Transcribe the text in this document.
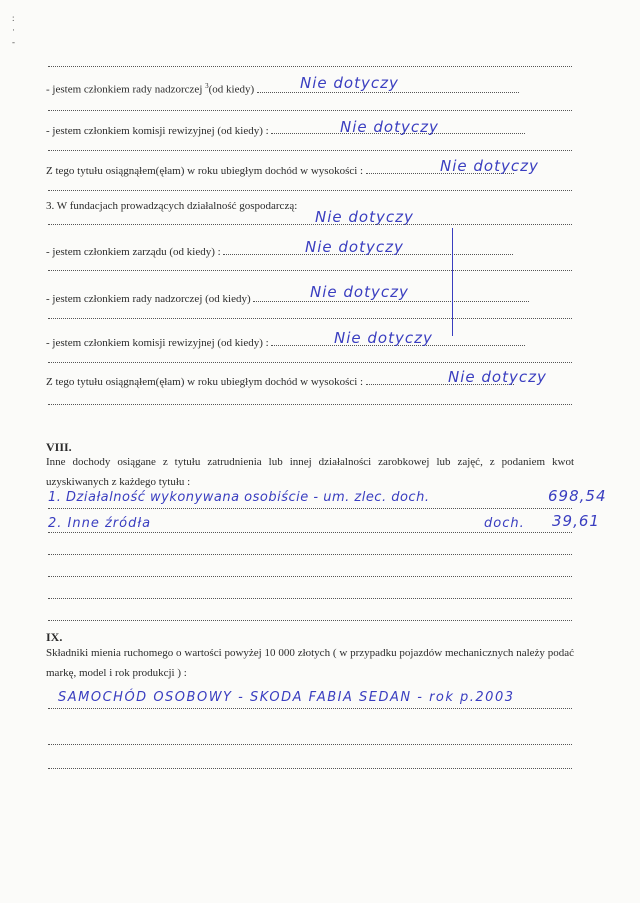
:
·
-
- jestem członkiem rady nadzorczej $^3$(od kiedy)	Nie dotyczy
- jestem członkiem komisji rewizyjnej (od kiedy) :	Nie dotyczy
Z tego tytułu osiągnąłem(ęłam) w roku ubiegłym dochód w wysokości :	Nie dotyczy
3. W fundacjach prowadzących działalność gospodarczą:
Nie dotyczy
- jestem członkiem zarządu (od kiedy) :	Nie dotyczy
- jestem członkiem rady nadzorczej (od kiedy)	Nie dotyczy
- jestem członkiem komisji rewizyjnej (od kiedy) :	Nie dotyczy
Z tego tytułu osiągnąłem(ęłam) w roku ubiegłym dochód w wysokości :	Nie dotyczy
VIII.
Inne dochody osiągane z tytułu zatrudnienia lub innej działalności zarobkowej lub zajęć, z podaniem kwot uzyskiwanych z każdego tytułu :
1. Działalność wykonywana osobiście - um. zlec. doch.	698,54
2. Inne źródła	doch. 39,61
IX.
Składniki mienia ruchomego o wartości powyżej 10 000 złotych ( w przypadku pojazdów mechanicznych należy podać markę, model i rok produkcji ) :
SAMOCHÓD OSOBOWY - SKODA FABIA SEDAN - rok p.2003
